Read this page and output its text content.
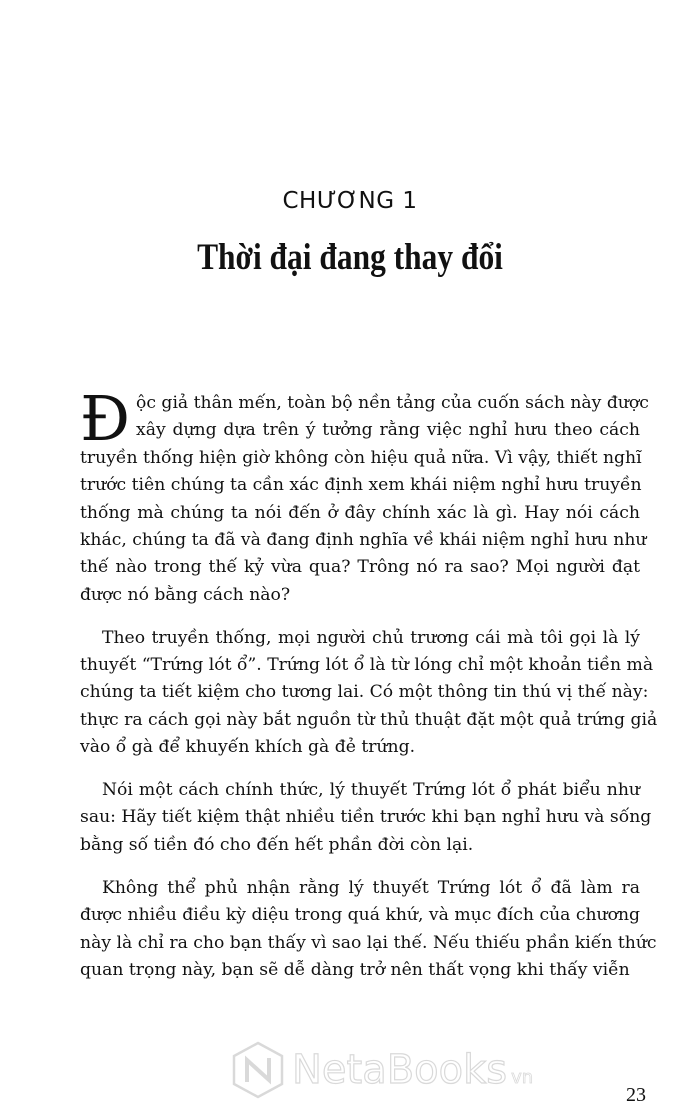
CHƯƠNG 1
Thời đại đang thay đổi
Đ ộc giả thân mến, toàn bộ nền tảng của cuốn sách này được
xây dựng dựa trên ý tưởng rằng việc nghỉ hưu theo cách
truyền thống hiện giờ không còn hiệu quả nữa. Vì vậy, thiết nghĩ
trước tiên chúng ta cần xác định xem khái niệm nghỉ hưu truyền
thống mà chúng ta nói đến ở đây chính xác là gì. Hay nói cách
khác, chúng ta đã và đang định nghĩa về khái niệm nghỉ hưu như
thế nào trong thế kỷ vừa qua? Trông nó ra sao? Mọi người đạt
được nó bằng cách nào?
Theo truyền thống, mọi người chủ trương cái mà tôi gọi là lý
thuyết “Trứng lót ổ”. Trứng lót ổ là từ lóng chỉ một khoản tiền mà
chúng ta tiết kiệm cho tương lai. Có một thông tin thú vị thế này:
thực ra cách gọi này bắt nguồn từ thủ thuật đặt một quả trứng giả
vào ổ gà để khuyến khích gà đẻ trứng.
Nói một cách chính thức, lý thuyết Trứng lót ổ phát biểu như
sau: Hãy tiết kiệm thật nhiều tiền trước khi bạn nghỉ hưu và sống
bằng số tiền đó cho đến hết phần đời còn lại.
Không thể phủ nhận rằng lý thuyết Trứng lót ổ đã làm ra
được nhiều điều kỳ diệu trong quá khứ, và mục đích của chương
này là chỉ ra cho bạn thấy vì sao lại thế. Nếu thiếu phần kiến thức
quan trọng này, bạn sẽ dễ dàng trở nên thất vọng khi thấy viễn
NetaBooks vn
23
